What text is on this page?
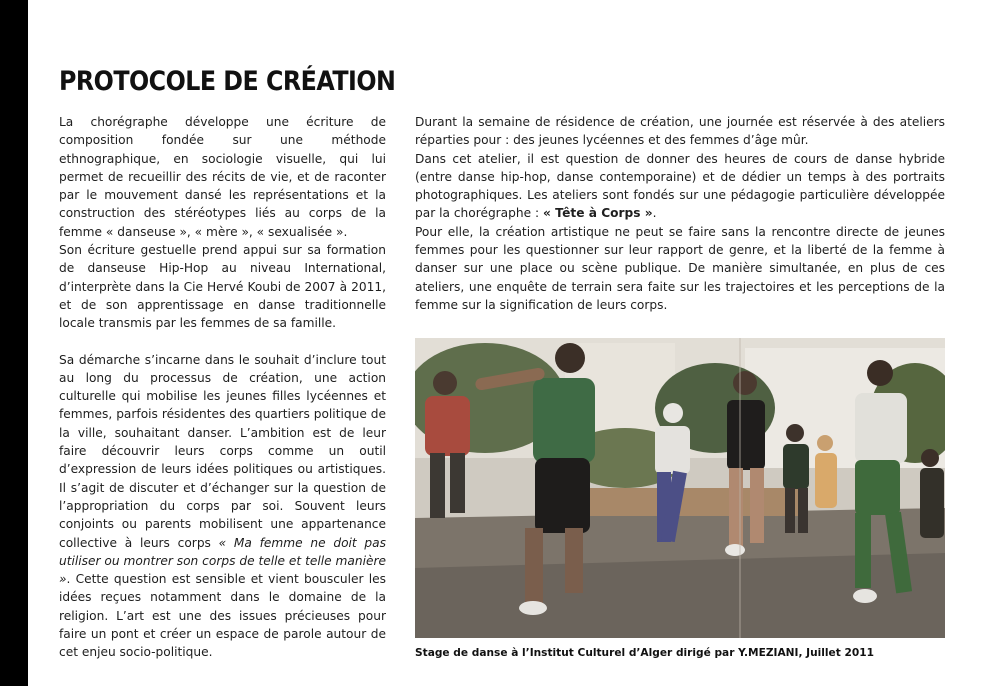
PROTOCOLE DE CRÉATION

La chorégraphe développe une écriture de composition fondée sur une méthode ethnographique, en sociologie visuelle, qui lui permet de recueillir des récits de vie, et de raconter par le mouvement dansé les représentations et la construction des stéréotypes liés au corps de la femme « danseuse », « mère », « sexualisée ».

Son écriture gestuelle prend appui sur sa formation de danseuse Hip-Hop au niveau International, d’interprète dans la Cie Hervé Koubi de 2007 à 2011, et de son apprentissage en danse traditionnelle locale transmis par les femmes de sa famille.

Sa démarche s’incarne dans le souhait d’inclure tout au long du processus de création, une action culturelle qui mobilise les jeunes filles lycéennes et femmes, parfois résidentes des quartiers politique de la ville, souhaitant danser. L’ambition est de leur faire découvrir leurs corps comme un outil d’expression de leurs idées politiques ou artistiques. Il s’agit de discuter et d’échanger sur la question de l’appropriation du corps par soi. Souvent leurs conjoints ou parents mobilisent une appartenance collective à leurs corps « Ma femme ne doit pas utiliser ou montrer son corps de telle et telle manière ». Cette question est sensible et vient bousculer les idées reçues notamment dans le domaine de la religion. L’art est une des issues précieuses pour faire un pont et créer un espace de parole autour de cet enjeu socio-politique.

Durant la semaine de résidence de création, une journée est réservée à des ateliers réparties pour : des jeunes lycéennes et des femmes d’âge mûr.

Dans cet atelier, il est question de donner des heures de cours de danse hybride (entre danse hip-hop, danse contemporaine) et de dédier un temps à des portraits photographiques. Les ateliers sont fondés sur une pédagogie particulière développée par la chorégraphe : « Tête à Corps ».

Pour elle, la création artistique ne peut se faire sans la rencontre directe de jeunes femmes pour les questionner sur leur rapport de genre, et la liberté de la femme à danser sur une place ou scène publique. De manière simultanée, en plus de ces ateliers, une enquête de terrain sera faite sur les trajectoires et les perceptions de la femme sur la signification de leurs corps.

Stage de danse à l’Institut Culturel d’Alger dirigé par Y.MEZIANI, Juillet 2011
